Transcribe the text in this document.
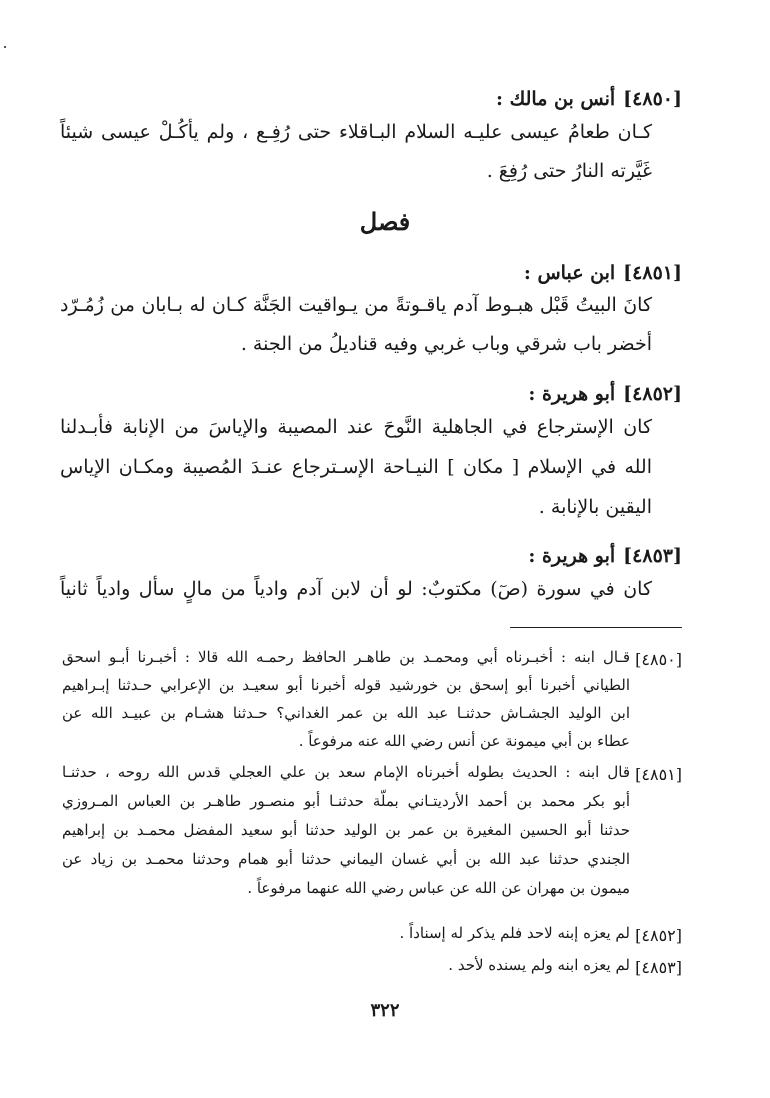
[٤٨٥٠]أنس بن مالك :
كـان طعامُ عيسى عليـه السلام البـاقلاء حتى رُفِـع ، ولم يأكُـلْ عيسى شيئاً
غَيَّرته النارُ حتى رُفِعَ .
فصل
[٤٨٥١]ابن عباس :
كانَ البيتُ قَبْل هبـوط آدم ياقـوتةً من يـواقيت الجَنَّة كـان له بـابان من زُمُـرّد
أخضر باب شرقي وباب غربي وفيه قناديلُ من الجنة .
[٤٨٥٢]أبو هريرة :
كان الإسترجاع في الجاهلية النَّوحَ عند المصيبة والإياسَ من الإنابة فأبـدلنا
الله في الإسلام [ مكان ] النيـاحة الإسـترجاع عنـدَ المُصيبة ومكـان الإياس
اليقين بالإنابة .
[٤٨٥٣]أبو هريرة :
كان في سورة (صٓ) مكتوبٌ: لو أن لابن آدم وادياً من مالٍ سأل وادياً ثانياً
[٤٨٥٠]
قـال ابنه : أخبـرناه أبي ومحمـد بن طاهـر الحافظ رحمـه الله قالا : أخبـرنا أبـو اسحق
الطياني أخبرنا أبو إسحق بن خورشيد قوله أخبرنا أبو سعيـد بن الإعرابي حـدثنا إبـراهيم
ابن الوليد الجشـاش حدثنـا عبد الله بن عمر الغداني؟ حـدثنا هشـام بن عبيـد الله عن
عطاء بن أبي ميمونة عن أنس رضي الله عنه مرفوعاً .
[٤٨٥١]
قال ابنه : الحديث بطوله أخبرناه الإمام سعد بن علي العجلي قدس الله روحه ، حدثنـا
أبو بكر محمد بن أحمد الأرديتـاني بملّة حدثنـا أبو منصـور طاهـر بن العباس المـروزي
حدثنا أبو الحسين المغيرة بن عمر بن الوليد حدثنا أبو سعيد المفضل محمـد بن إبراهيم
الجندي حدثنا عبد الله بن أبي غسان اليماني حدثنا أبو همام وحدثنا محمـد بن زياد عن
ميمون بن مهران عن الله عن عباس رضي الله عنهما مرفوعاً .
[٤٨٥٢]
لم يعزه إبنه لاحد فلم يذكر له إسناداً .
[٤٨٥٣]
لم يعزه ابنه ولم يسنده لأحد .
٣٢٢
